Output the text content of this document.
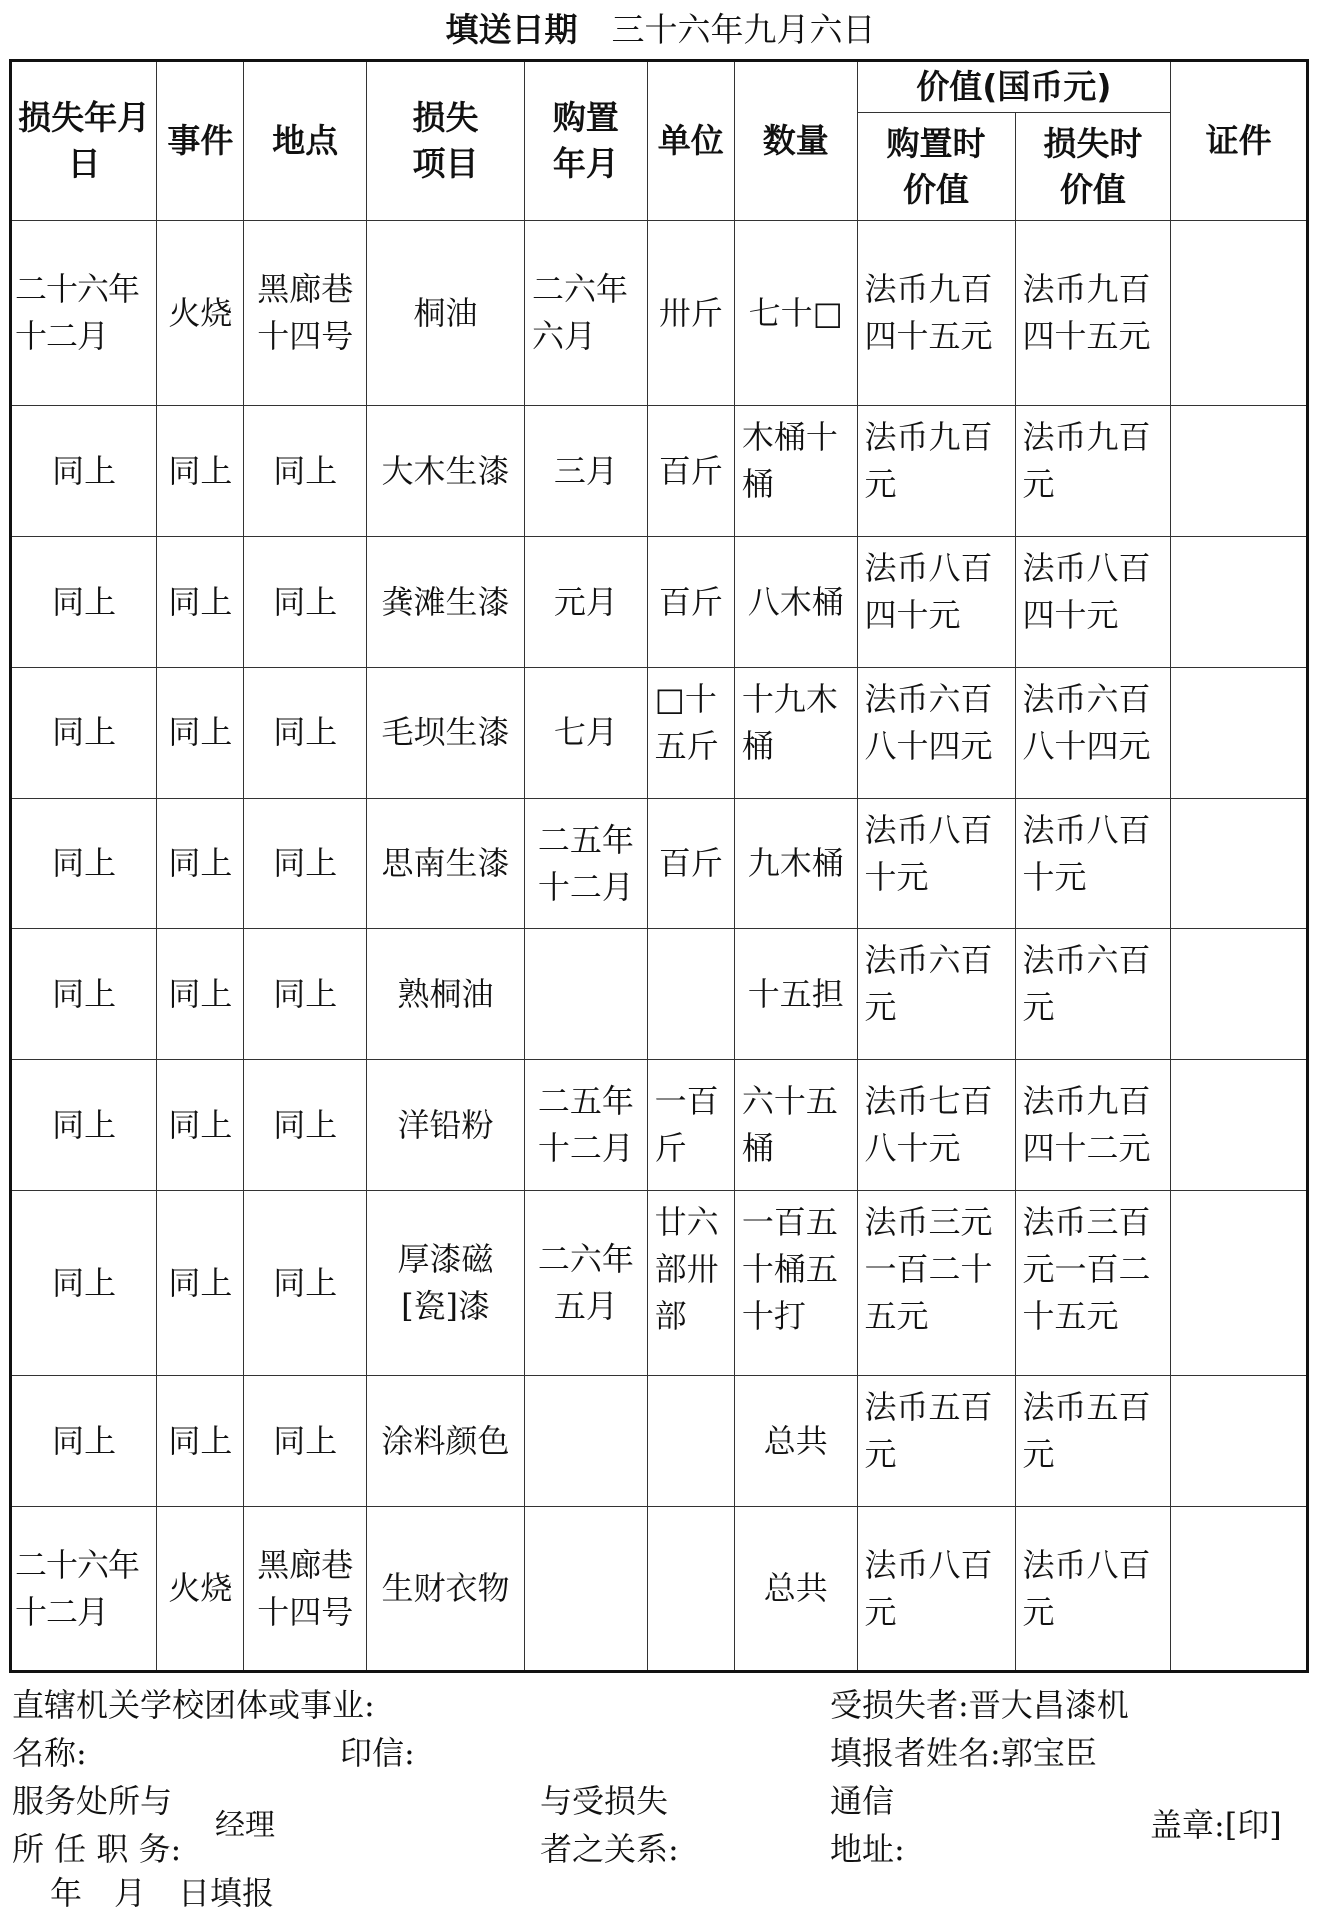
填送日期 三十六年九月六日
损失年月日	事件	地点	损失项目	购置年月	单位	数量	价值(国币元)		证件
							购置时价值	损失时价值	
二十六年十二月	火烧	黑廊巷十四号	桐油	二六年六月	卅斤	七十□	法币九百四十五元	法币九百四十五元	
同上	同上	同上	大木生漆	三月	百斤	木桶十桶	法币九百元	法币九百元	
同上	同上	同上	龚滩生漆	元月	百斤	八木桶	法币八百四十元	法币八百四十元	
同上	同上	同上	毛坝生漆	七月	□十五斤	十九木桶	法币六百八十四元	法币六百八十四元	
同上	同上	同上	思南生漆	二五年十二月	百斤	九木桶	法币八百十元	法币八百十元	
同上	同上	同上	熟桐油			十五担	法币六百元	法币六百元	
同上	同上	同上	洋铅粉	二五年十二月	一百斤	六十五桶	法币七百八十元	法币九百四十二元	
同上	同上	同上	厚漆磁[瓷]漆	二六年五月	廿六部卅部	一百五十桶五十打	法币三元一百二十五元	法币三百元一百二十五元	
同上	同上	同上	涂料颜色			总共	法币五百元	法币五百元	
二十六年十二月	火烧	黑廊巷十四号	生财衣物			总共	法币八百元	法币八百元	
直辖机关学校团体或事业:
名称:	印信:
服务处所与
所 任 职 务:
经理
与受损失
者之关系:
受损失者:晋大昌漆机
填报者姓名:郭宝臣
通信
地址:
盖章:[印]
年　月　日填报
